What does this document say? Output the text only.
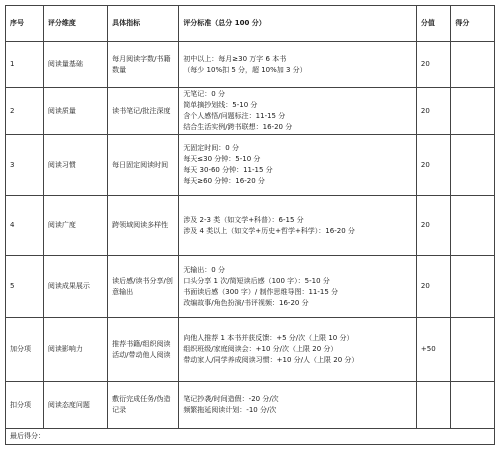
序号	评分维度	具体指标	评分标准（总分 100 分）	分值	得分
1	阅读量基础	每月阅读字数/书籍数量	初中以上：每月≥30 万字 6 本书
（每少 10%扣 5 分，超 10%加 3 分）	20	
2	阅读质量	读书笔记/批注深度	无笔记：0 分
简单摘抄划线：5-10 分
含个人感悟/问题标注：11-15 分
结合生活实例/跨书联想：16-20 分	20	
3	阅读习惯	每日固定阅读时间	无固定时间：0 分
每天≤30 分钟：5-10 分
每天 30-60 分钟：11-15 分
每天≥60 分钟：16-20 分	20	
4	阅读广度	跨领域阅读多样性	涉及 2-3 类（如文学+科普）：6-15 分
涉及 4 类以上（如文学+历史+哲学+科学）：16-20 分	20	
5	阅读成果展示	读后感/读书分享/创意输出	无输出：0 分
口头分享 1 次/简短读后感（100 字）：5-10 分
书面读后感（300 字）/ 制作思维导图：11-15 分
改编故事/角色扮演/书评视频：16-20 分	20	
加分项	阅读影响力	推荐书籍/组织阅读活动/带动他人阅读	向他人推荐 1 本书并获反馈：+5 分/次（上限 10 分）
组织班级/家庭阅读会：+10 分/次（上限 20 分）
带动家人/同学养成阅读习惯：+10 分/人（上限 20 分）	+50	
扣分项	阅读态度问题	敷衍完成任务/伪造记录	笔记抄袭/时间造假：-20 分/次
频繁拖延阅读计划：-10 分/次		

最后得分：					
